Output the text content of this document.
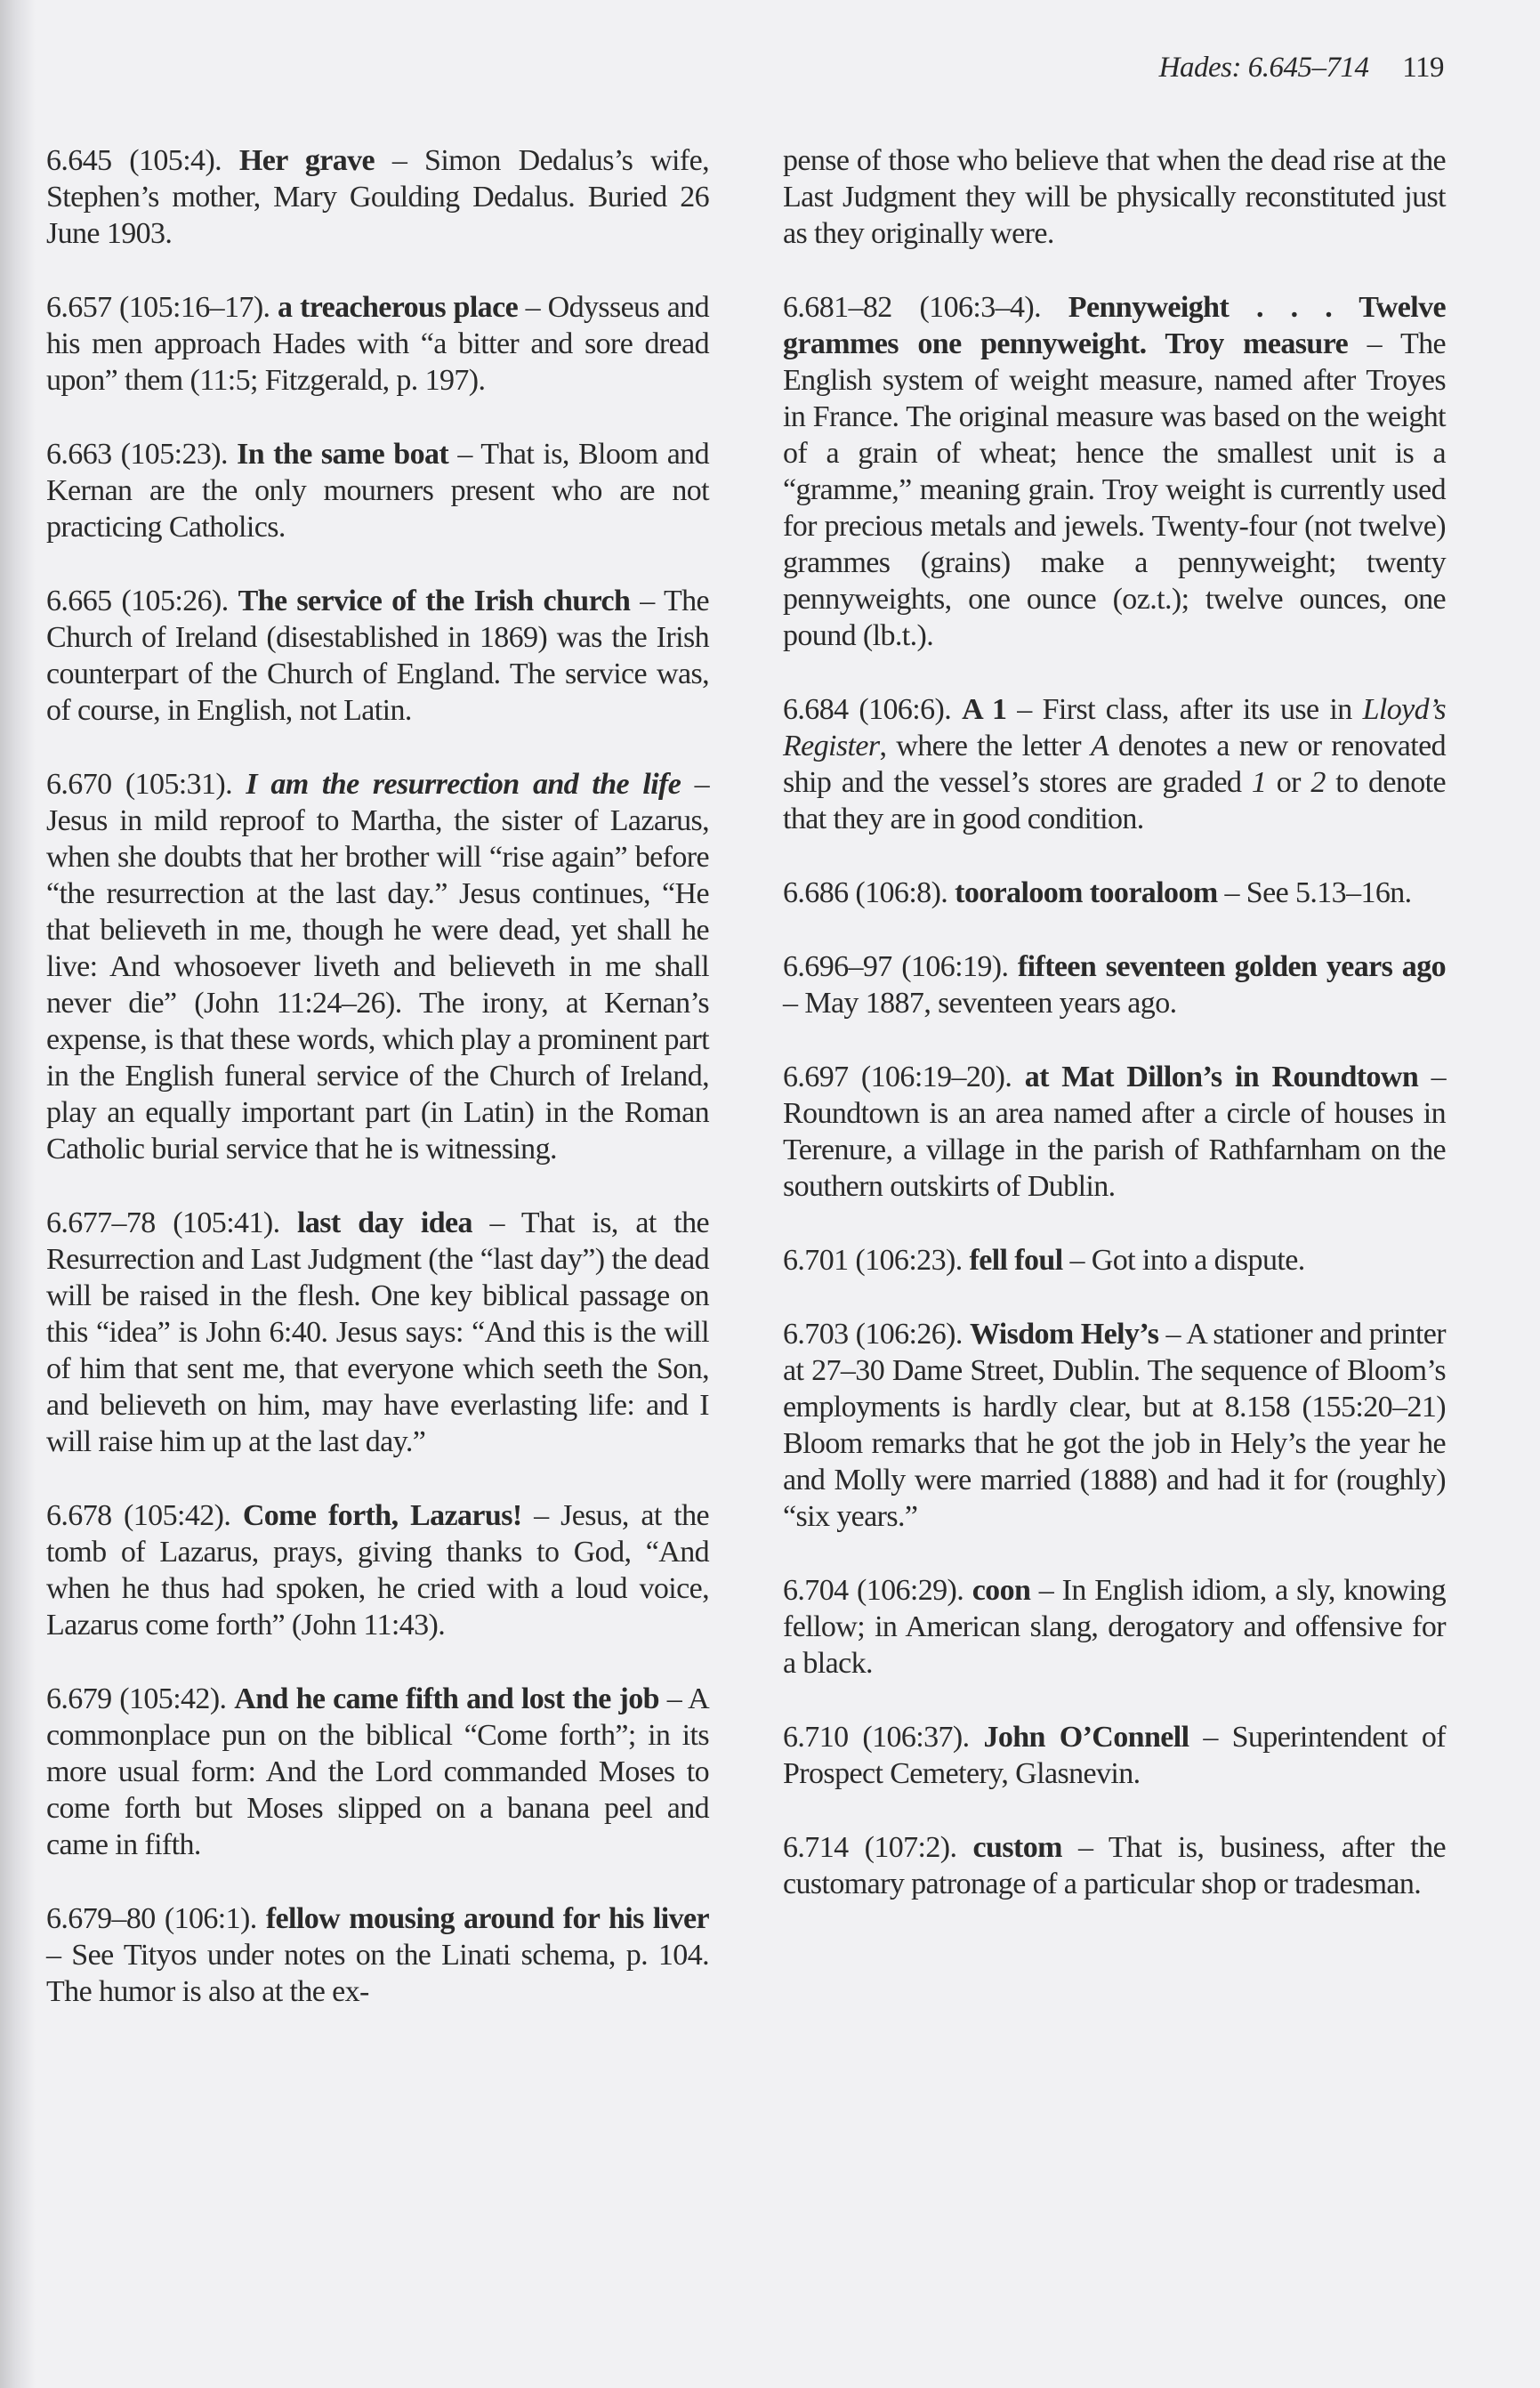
Hades: 6.645–714 119

6.645 (105:4). Her grave – Simon Dedalus’s wife, Stephen’s mother, Mary Goulding Dedalus. Buried 26 June 1903.

6.657 (105:16–17). a treacherous place – Odysseus and his men approach Hades with “a bitter and sore dread upon” them (11:5; Fitzgerald, p. 197).

6.663 (105:23). In the same boat – That is, Bloom and Kernan are the only mourners present who are not practicing Catholics.

6.665 (105:26). The service of the Irish church – The Church of Ireland (disestablished in 1869) was the Irish counterpart of the Church of England. The service was, of course, in English, not Latin.

6.670 (105:31). I am the resurrection and the life – Jesus in mild reproof to Martha, the sister of Lazarus, when she doubts that her brother will “rise again” before “the resurrection at the last day.” Jesus continues, “He that believeth in me, though he were dead, yet shall he live: And whosoever liveth and believeth in me shall never die” (John 11:24–26). The irony, at Kernan’s expense, is that these words, which play a prominent part in the English funeral service of the Church of Ireland, play an equally important part (in Latin) in the Roman Catholic burial service that he is witnessing.

6.677–78 (105:41). last day idea – That is, at the Resurrection and Last Judgment (the “last day”) the dead will be raised in the flesh. One key biblical passage on this “idea” is John 6:40. Jesus says: “And this is the will of him that sent me, that everyone which seeth the Son, and believeth on him, may have everlasting life: and I will raise him up at the last day.”

6.678 (105:42). Come forth, Lazarus! – Jesus, at the tomb of Lazarus, prays, giving thanks to God, “And when he thus had spoken, he cried with a loud voice, Lazarus come forth” (John 11:43).

6.679 (105:42). And he came fifth and lost the job – A commonplace pun on the biblical “Come forth”; in its more usual form: And the Lord commanded Moses to come forth but Moses slipped on a banana peel and came in fifth.

6.679–80 (106:1). fellow mousing around for his liver – See Tityos under notes on the Linati schema, p. 104. The humor is also at the ex-

pense of those who believe that when the dead rise at the Last Judgment they will be physically reconstituted just as they originally were.

6.681–82 (106:3–4). Pennyweight . . . Twelve grammes one pennyweight. Troy measure – The English system of weight measure, named after Troyes in France. The original measure was based on the weight of a grain of wheat; hence the smallest unit is a “gramme,” meaning grain. Troy weight is currently used for precious metals and jewels. Twenty-four (not twelve) grammes (grains) make a pennyweight; twenty pennyweights, one ounce (oz.t.); twelve ounces, one pound (lb.t.).

6.684 (106:6). A 1 – First class, after its use in Lloyd’s Register, where the letter A denotes a new or renovated ship and the vessel’s stores are graded 1 or 2 to denote that they are in good condition.

6.686 (106:8). tooraloom tooraloom – See 5.13–16n.

6.696–97 (106:19). fifteen seventeen golden years ago – May 1887, seventeen years ago.

6.697 (106:19–20). at Mat Dillon’s in Roundtown – Roundtown is an area named after a circle of houses in Terenure, a village in the parish of Rathfarnham on the southern outskirts of Dublin.

6.701 (106:23). fell foul – Got into a dispute.

6.703 (106:26). Wisdom Hely’s – A stationer and printer at 27–30 Dame Street, Dublin. The sequence of Bloom’s employments is hardly clear, but at 8.158 (155:20–21) Bloom remarks that he got the job in Hely’s the year he and Molly were married (1888) and had it for (roughly) “six years.”

6.704 (106:29). coon – In English idiom, a sly, knowing fellow; in American slang, derogatory and offensive for a black.

6.710 (106:37). John O’Connell – Superintendent of Prospect Cemetery, Glasnevin.

6.714 (107:2). custom – That is, business, after the customary patronage of a particular shop or tradesman.
